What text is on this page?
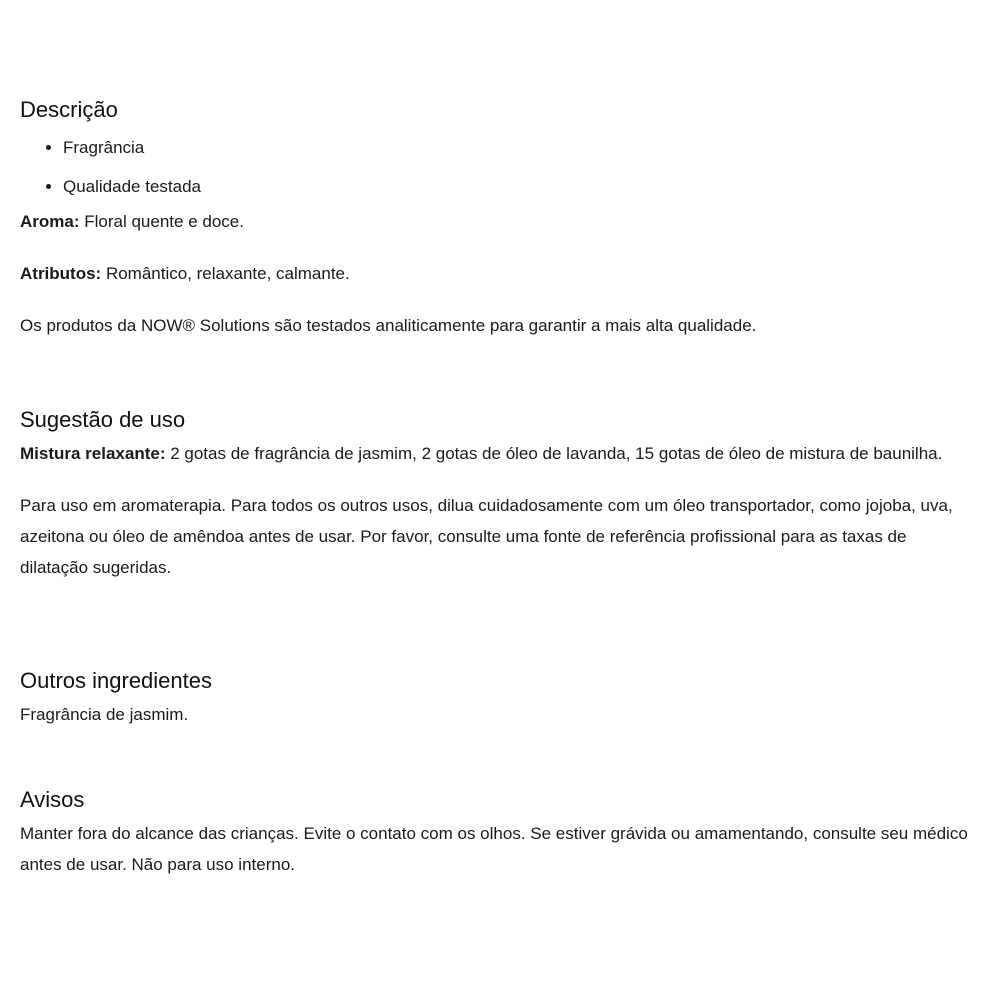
Descrição
• Fragrância
• Qualidade testada

Aroma: Floral quente e doce.

Atributos: Romântico, relaxante, calmante.

Os produtos da NOW® Solutions são testados analiticamente para garantir a mais alta qualidade.

Sugestão de uso

Mistura relaxante: 2 gotas de fragrância de jasmim, 2 gotas de óleo de lavanda, 15 gotas de óleo de mistura de baunilha.

Para uso em aromaterapia. Para todos os outros usos, dilua cuidadosamente com um óleo transportador, como jojoba, uva, azeitona ou óleo de amêndoa antes de usar. Por favor, consulte uma fonte de referência profissional para as taxas de dilatação sugeridas.

Outros ingredientes

Fragrância de jasmim.

Avisos

Manter fora do alcance das crianças. Evite o contato com os olhos. Se estiver grávida ou amamentando, consulte seu médico antes de usar. Não para uso interno.
